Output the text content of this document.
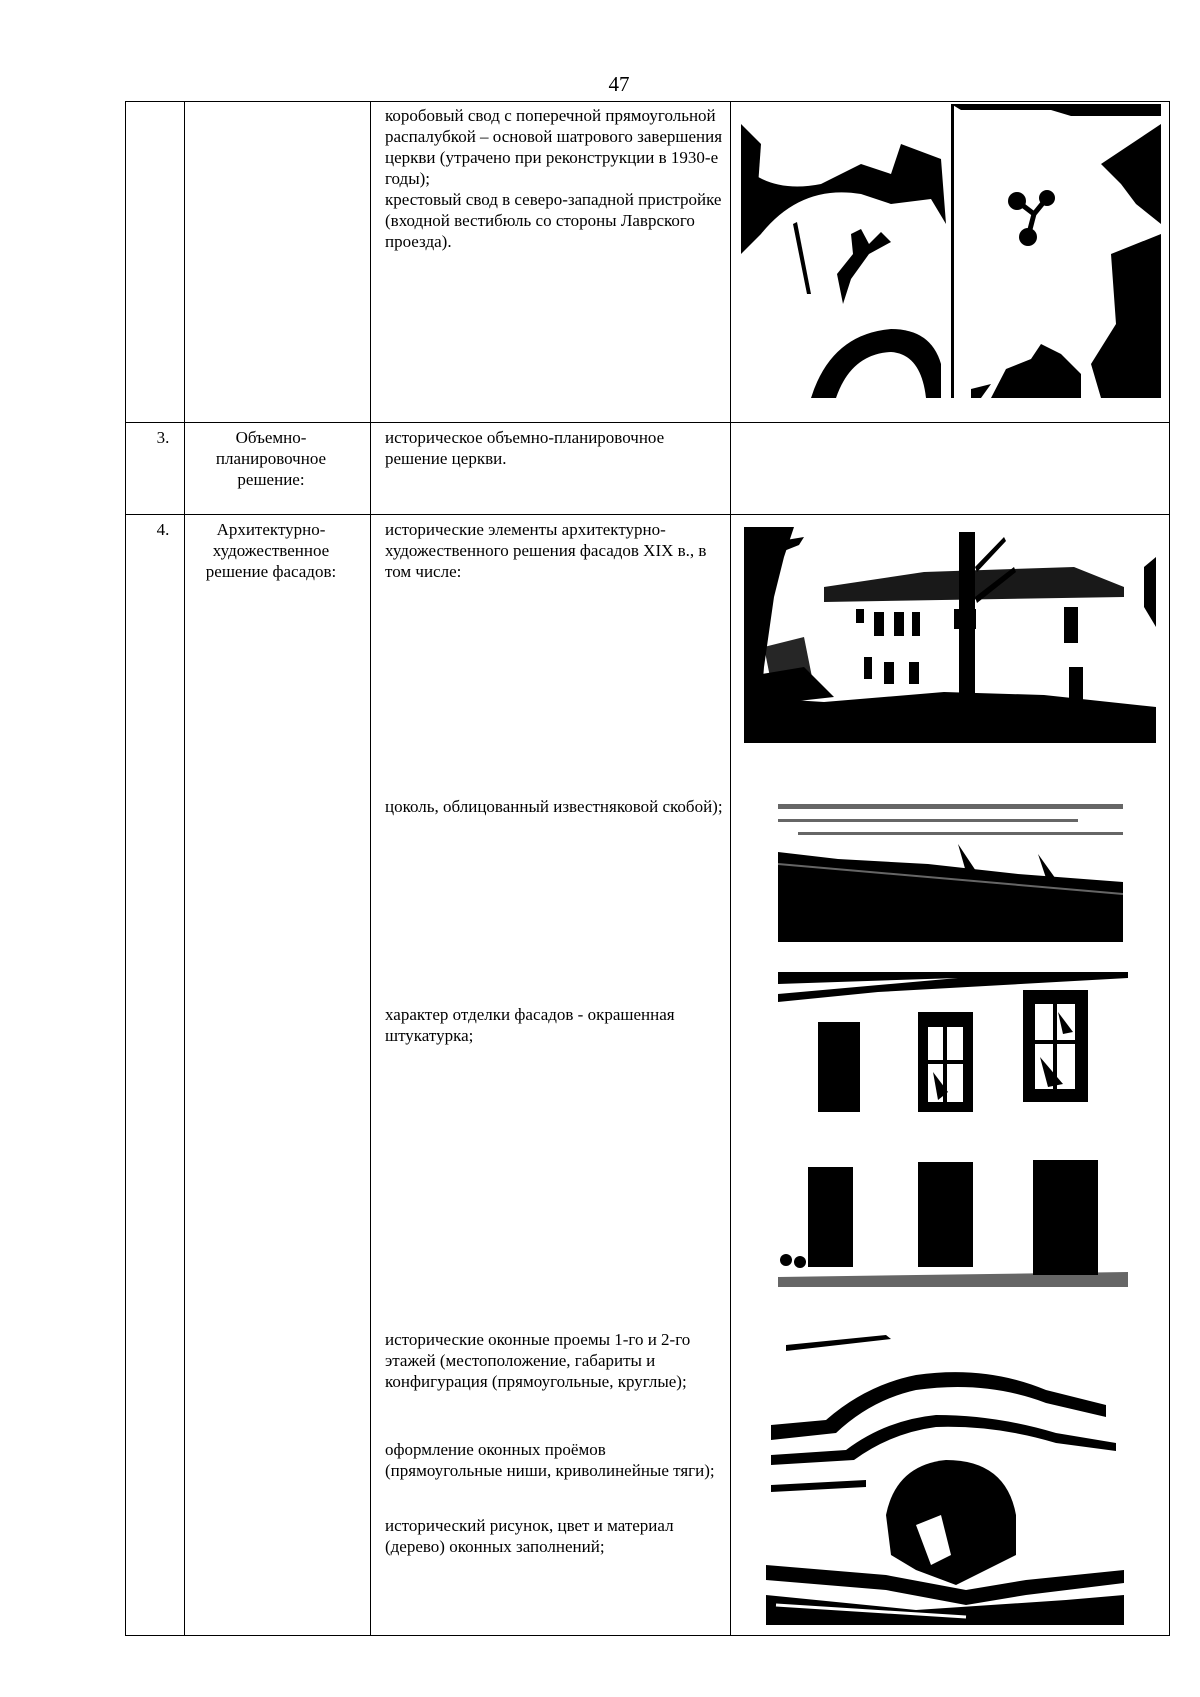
47

коробовый свод с поперечной прямоугольной распалубкой – основой шатрового завершения церкви (утрачено при реконструкции в 1930-е годы);

крестовый свод в северо-западной пристройке (входной вестибюль со стороны Лаврского проезда).

3.	Объемно-планировочное решение:

историческое объемно-планировочное решение церкви.

4.	Архитектурно-художественное решение фасадов:
исторические элементы архитектурно-художественного решения фасадов XIX в., в том числе:
цоколь, облицованный известняковой скобой);
характер отделки фасадов - окрашенная штукатурка;
исторические оконные проемы 1-го и 2-го этажей (местоположение, габариты и конфигурация (прямоугольные, круглые);
оформление оконных проёмов (прямоугольные ниши, криволинейные тяги);
исторический рисунок, цвет и материал (дерево) оконных заполнений;
